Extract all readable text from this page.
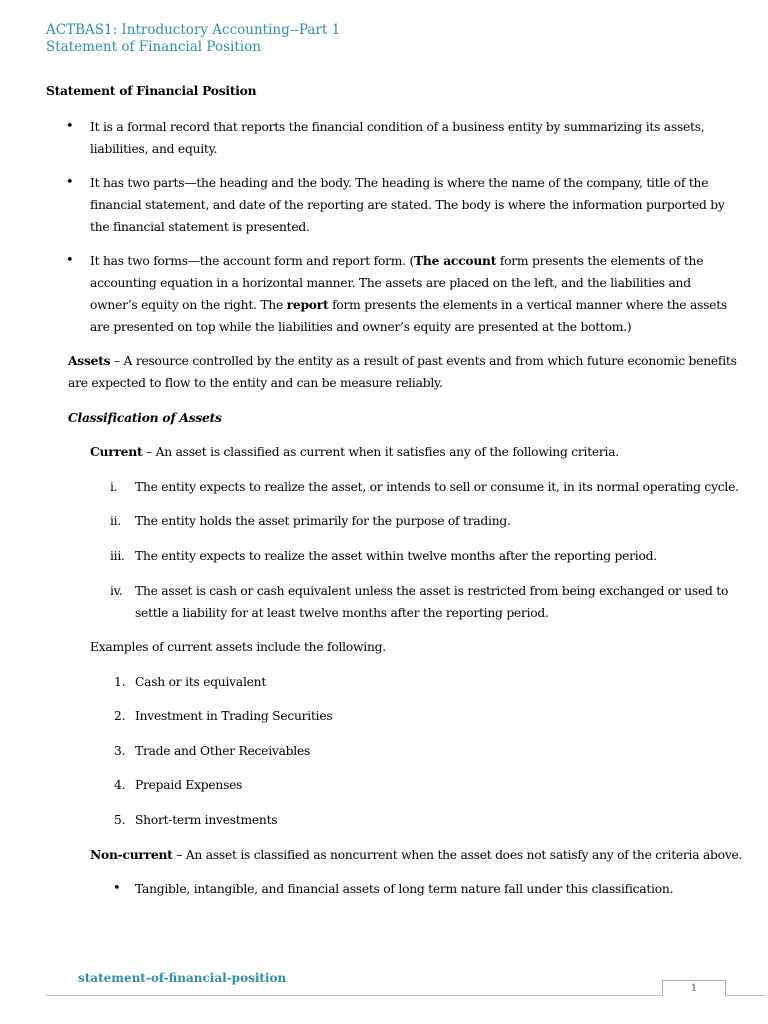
ACTBAS1: Introductory Accounting--Part 1
Statement of Financial Position
Statement of Financial Position
• It is a formal record that reports the financial condition of a business entity by summarizing its assets,
liabilities, and equity.
• It has two parts—the heading and the body. The heading is where the name of the company, title of the
financial statement, and date of the reporting are stated. The body is where the information purported by
the financial statement is presented.
• It has two forms—the account form and report form. (The account form presents the elements of the
accounting equation in a horizontal manner. The assets are placed on the left, and the liabilities and
owner’s equity on the right. The report form presents the elements in a vertical manner where the assets
are presented on top while the liabilities and owner’s equity are presented at the bottom.)
Assets – A resource controlled by the entity as a result of past events and from which future economic benefits
are expected to flow to the entity and can be measure reliably.
Classification of Assets
Current – An asset is classified as current when it satisfies any of the following criteria.
i.	The entity expects to realize the asset, or intends to sell or consume it, in its normal operating cycle.
ii.	The entity holds the asset primarily for the purpose of trading.
iii. The entity expects to realize the asset within twelve months after the reporting period.
iv.	The asset is cash or cash equivalent unless the asset is restricted from being exchanged or used to
settle a liability for at least twelve months after the reporting period.
Examples of current assets include the following.
1. Cash or its equivalent
2. Investment in Trading Securities
3. Trade and Other Receivables
4. Prepaid Expenses
5. Short-term investments
Non-current – An asset is classified as noncurrent when the asset does not satisfy any of the criteria above.
• Tangible, intangible, and financial assets of long term nature fall under this classification.
statement-of-financial-position
1
